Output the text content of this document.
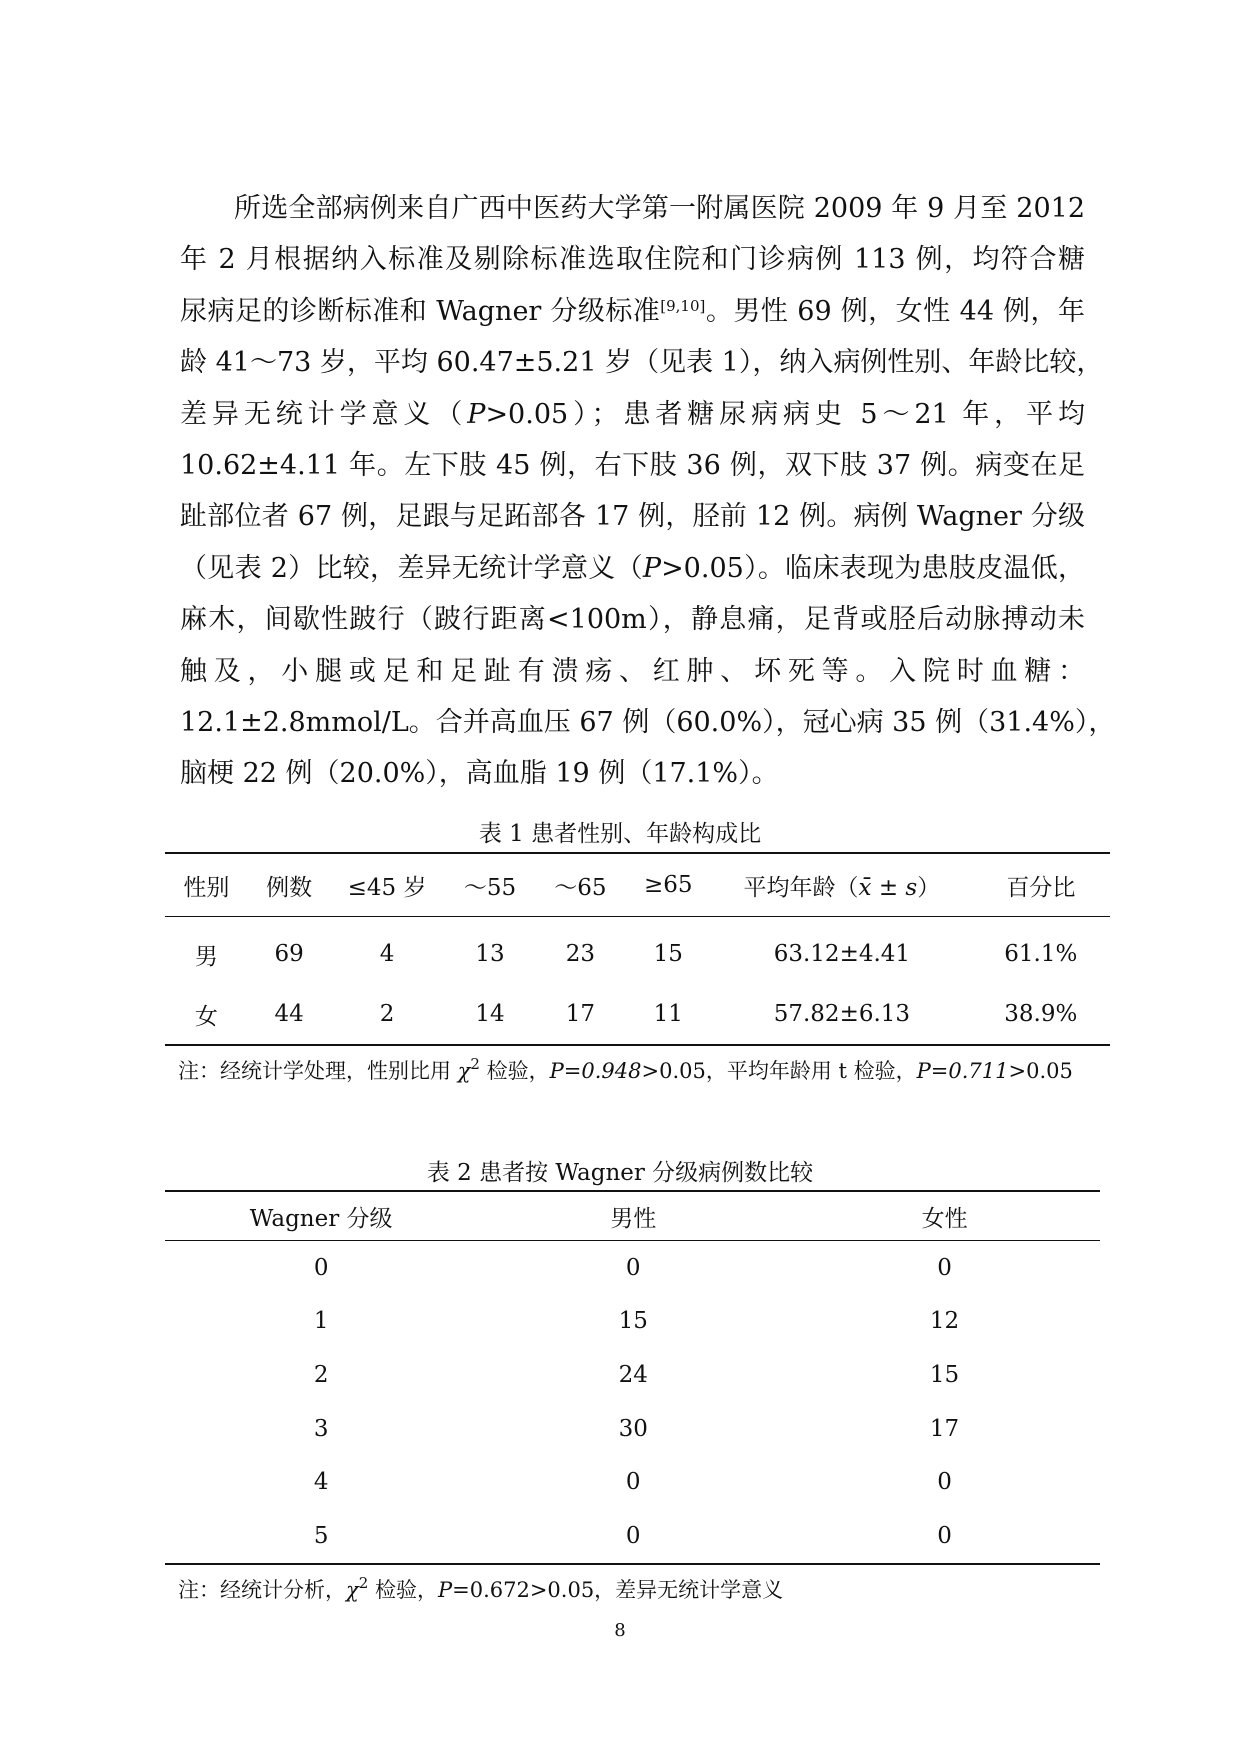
所选全部病例来自广西中医药大学第一附属医院 2009 年 9 月至 2012
年 2 月根据纳入标准及剔除标准选取住院和门诊病例 113 例，均符合糖
尿病足的诊断标准和 Wagner 分级标准[9,10]。男性 69 例，女性 44 例，年
龄 41～73 岁，平均 60.47±5.21 岁（见表 1），纳入病例性别、年龄比较，
差异无统计学意义（P>0.05）；患者糖尿病病史 5～21 年，平均
10.62±4.11 年。左下肢 45 例，右下肢 36 例，双下肢 37 例。病变在足
趾部位者 67 例，足跟与足跖部各 17 例，胫前 12 例。病例 Wagner 分级
（见表 2）比较，差异无统计学意义（P>0.05）。临床表现为患肢皮温低，
麻木，间歇性跛行（跛行距离<100m），静息痛，足背或胫后动脉搏动未
触及，小腿或足和足趾有溃疡、红肿、坏死等。入院时血糖：
12.1±2.8mmol/L。合并高血压 67 例（60.0%），冠心病 35 例（31.4%），
脑梗 22 例（20.0%），高血脂 19 例（17.1%）。
表 1 患者性别、年龄构成比
性别	例数	≤45 岁	～55	～65	≥65	平均年龄（x̄ ± s）	百分比
男	69	4	13	23	15	63.12±4.41	61.1%
女	44	2	14	17	11	57.82±6.13	38.9%
注：经统计学处理，性别比用 $\chi^2$ 检验，P=0.948>0.05，平均年龄用 t 检验，P=0.711>0.05
表 2 患者按 Wagner 分级病例数比较
Wagner 分级	男性	女性
0	0	0
1	15	12
2	24	15
3	30	17
4	0	0
5	0	0
注：经统计分析，$\chi^2$ 检验，P=0.672>0.05，差异无统计学意义
8
